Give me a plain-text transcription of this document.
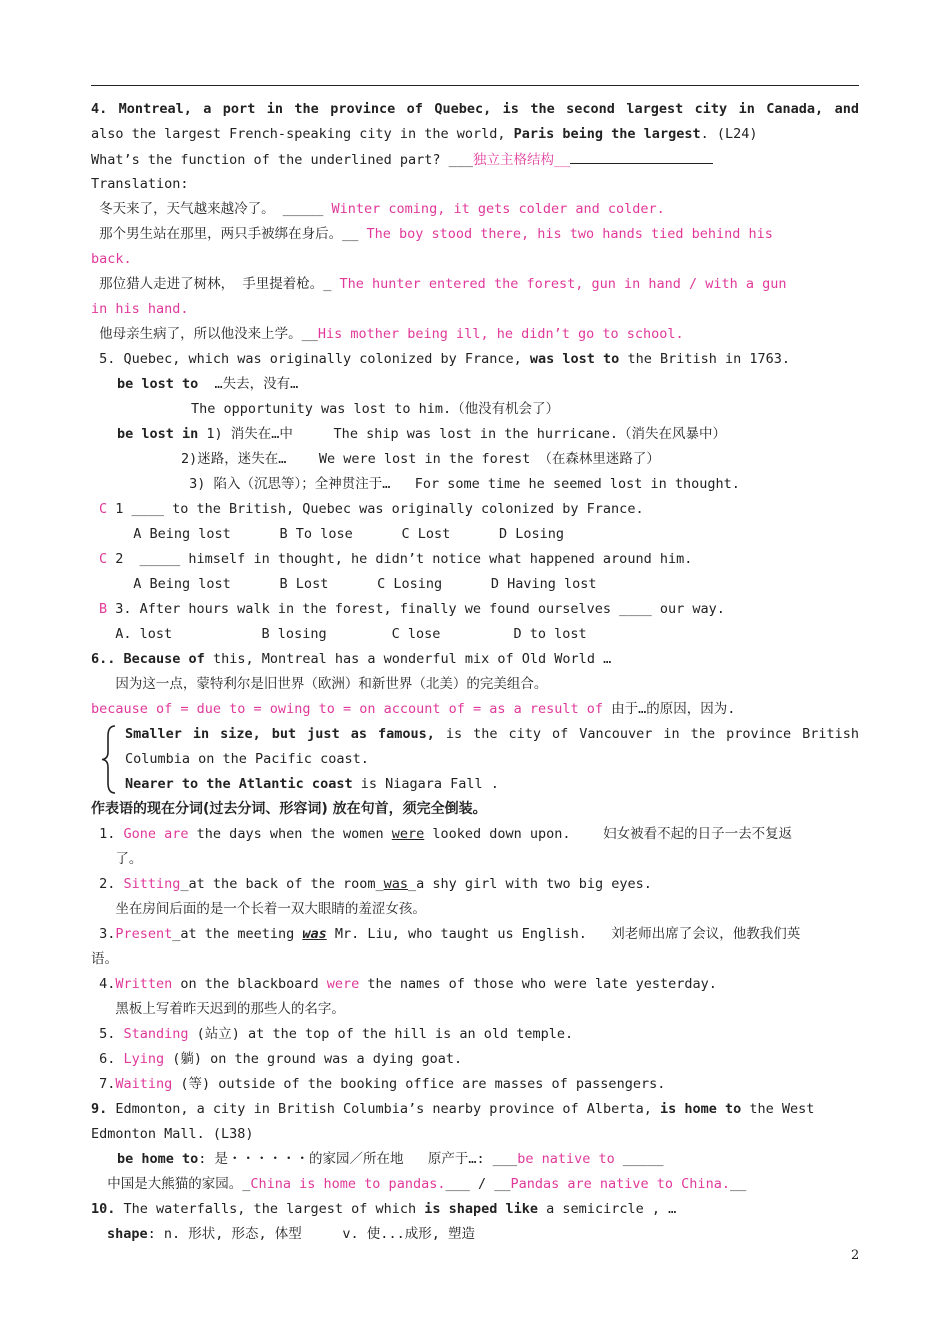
4. Montreal, a port in the province of Quebec, is the second largest city in Canada, and
also the largest French-speaking city in the world, Paris being the largest. (L24)
What’s the function of the underlined part? ___独立主格结构__
Translation:
冬天来了，天气越来越冷了。 _____ Winter coming, it gets colder and colder.
那个男生站在那里，两只手被绑在身后。__ The boy stood there, his two hands tied behind his
back.
那位猎人走进了树林， 手里提着枪。_ The hunter entered the forest, gun in hand / with a gun
in his hand.
他母亲生病了，所以他没来上学。__His mother being ill, he didn’t go to school.
5. Quebec, which was originally colonized by France, was lost to the British in 1763.
be lost to  …失去，没有…
The opportunity was lost to him.（他没有机会了）
be lost in 1) 消失在…中     The ship was lost in the hurricane.（消失在风暴中）
2)迷路，迷失在…    We were lost in the forest （在森林里迷路了）
3) 陷入（沉思等）；全神贯注于…   For some time he seemed lost in thought.
C 1 ____ to the British, Quebec was originally colonized by France.
A Being lost      B To lose      C Lost      D Losing
C 2  _____ himself in thought, he didn’t notice what happened around him.
A Being lost      B Lost      C Losing      D Having lost
B 3. After hours walk in the forest, finally we found ourselves ____ our way.
A. lost           B losing        C lose         D to lost
6.. Because of this, Montreal has a wonderful mix of Old World …
因为这一点，蒙特利尔是旧世界（欧洲）和新世界（北美）的完美组合。
because of = due to = owing to = on account of = as a result of 由于…的原因，因为.

Smaller in size, but just as famous, is the city of Vancouver in the province British

Columbia on the Pacific coast.
Nearer to the Atlantic coast is Niagara Fall .
作表语的现在分词(过去分词、形容词) 放在句首，须完全倒装。
1. Gone are the days when the women were looked down upon.    妇女被看不起的日子一去不复返
了。
2. Sitting_at the back of the room_was_a shy girl with two big eyes.
坐在房间后面的是一个长着一双大眼睛的羞涩女孩。
3.Present_at the meeting was Mr. Liu, who taught us English.   刘老师出席了会议，他教我们英
语。
4.Written on the blackboard were the names of those who were late yesterday.
黑板上写着昨天迟到的那些人的名字。
5. Standing (站立) at the top of the hill is an old temple.
6. Lying (躺) on the ground was a dying goat.
7.Waiting (等) outside of the booking office are masses of passengers.
9. Edmonton, a city in British Columbia’s nearby province of Alberta, is home to the West
Edmonton Mall. (L38)
be home to: 是・・・・・・的家园／所在地   原产于…: ___be native to _____
中国是大熊猫的家园。_China is home to pandas.___ / __Pandas are native to China.__
10. The waterfalls, the largest of which is shaped like a semicircle , …
shape: n. 形状, 形态, 体型     v. 使...成形, 塑造
2
